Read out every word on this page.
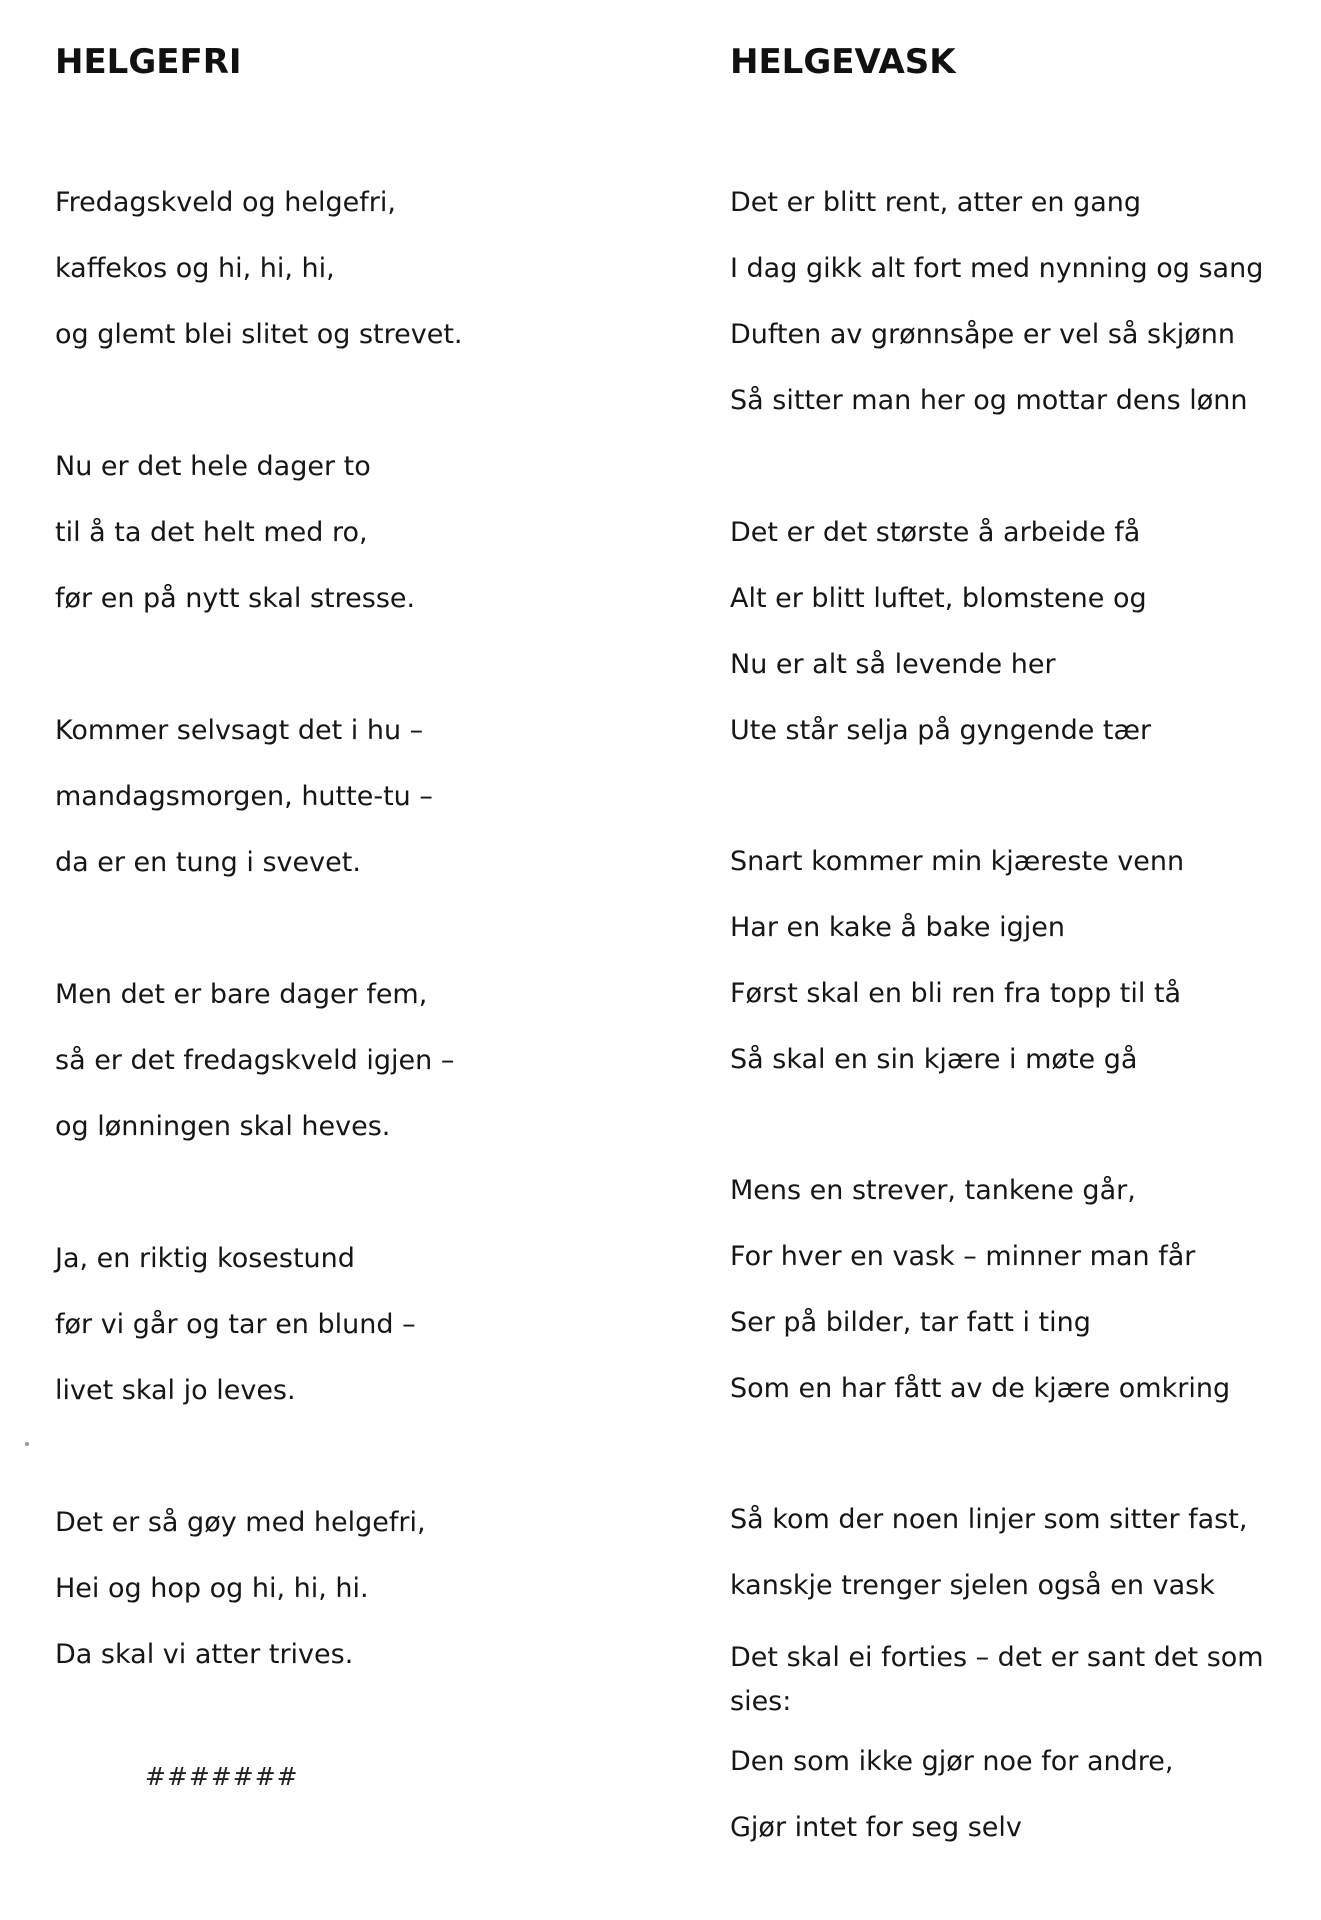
HELGEFRI
Fredagskveld og helgefri,
kaffekos og hi, hi, hi,
og glemt blei slitet og strevet.
Nu er det hele dager to
til å ta det helt med ro,
før en på nytt skal stresse.
Kommer selvsagt det i hu –
mandagsmorgen, hutte-tu –
da er en tung i svevet.
Men det er bare dager fem,
så er det fredagskveld igjen –
og lønningen skal heves.
Ja, en riktig kosestund
før vi går og tar en blund –
livet skal jo leves.
Det er så gøy med helgefri,
Hei og hop og hi, hi, hi.
Da skal vi atter trives.
#######
HELGEVASK
Det er blitt rent, atter en gang
I dag gikk alt fort med nynning og sang
Duften av grønnsåpe er vel så skjønn
Så sitter man her og mottar dens lønn
Det er det største å arbeide få
Alt er blitt luftet, blomstene og
Nu er alt så levende her
Ute står selja på gyngende tær
Snart kommer min kjæreste venn
Har en kake å bake igjen
Først skal en bli ren fra topp til tå
Så skal en sin kjære i møte gå
Mens en strever, tankene går,
For hver en vask – minner man får
Ser på bilder, tar fatt i ting
Som en har fått av de kjære omkring
Så kom der noen linjer som sitter fast,
kanskje trenger sjelen også en vask
Det skal ei forties – det er sant det som sies:
Den som ikke gjør noe for andre,
Gjør intet for seg selv
